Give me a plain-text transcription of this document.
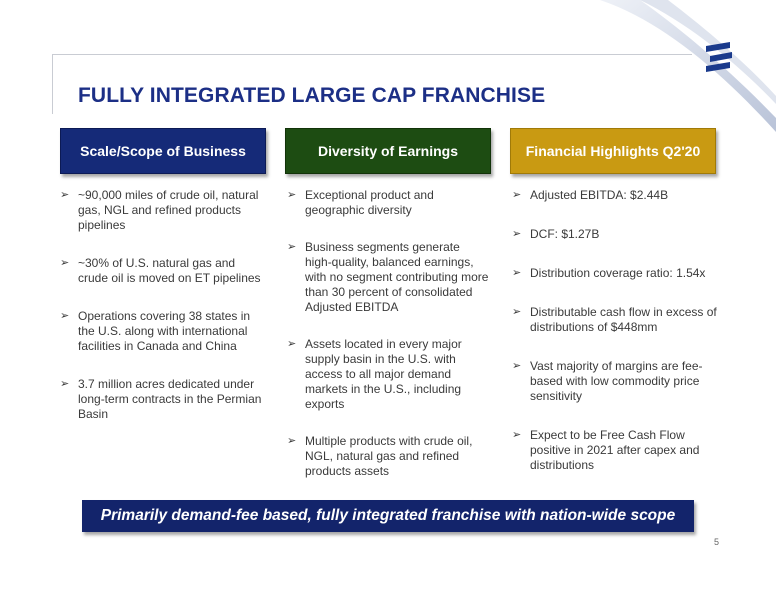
FULLY INTEGRATED LARGE CAP FRANCHISE
Scale/Scope of Business	Diversity of Earnings	Financial Highlights Q2'20
➢ ~90,000 miles of crude oil, natural gas, NGL and refined products pipelines
➢ ~30% of U.S. natural gas and crude oil is moved on ET pipelines
➢ Operations covering 38 states in the U.S. along with international facilities in Canada and China
➢ 3.7 million acres dedicated under long-term contracts in the Permian Basin
➢ Exceptional product and geographic diversity
➢ Business segments generate high-quality, balanced earnings, with no segment contributing more than 30 percent of consolidated Adjusted EBITDA
➢ Assets located in every major supply basin in the U.S. with access to all major demand markets in the U.S., including exports
➢ Multiple products with crude oil, NGL, natural gas and refined products assets
➢ Adjusted EBITDA: $2.44B
➢ DCF: $1.27B
➢ Distribution coverage ratio: 1.54x
➢ Distributable cash flow in excess of distributions of $448mm
➢ Vast majority of margins are fee-based with low commodity price sensitivity
➢ Expect to be Free Cash Flow positive in 2021 after capex and distributions
Primarily demand-fee based, fully integrated franchise with nation-wide scope
5
